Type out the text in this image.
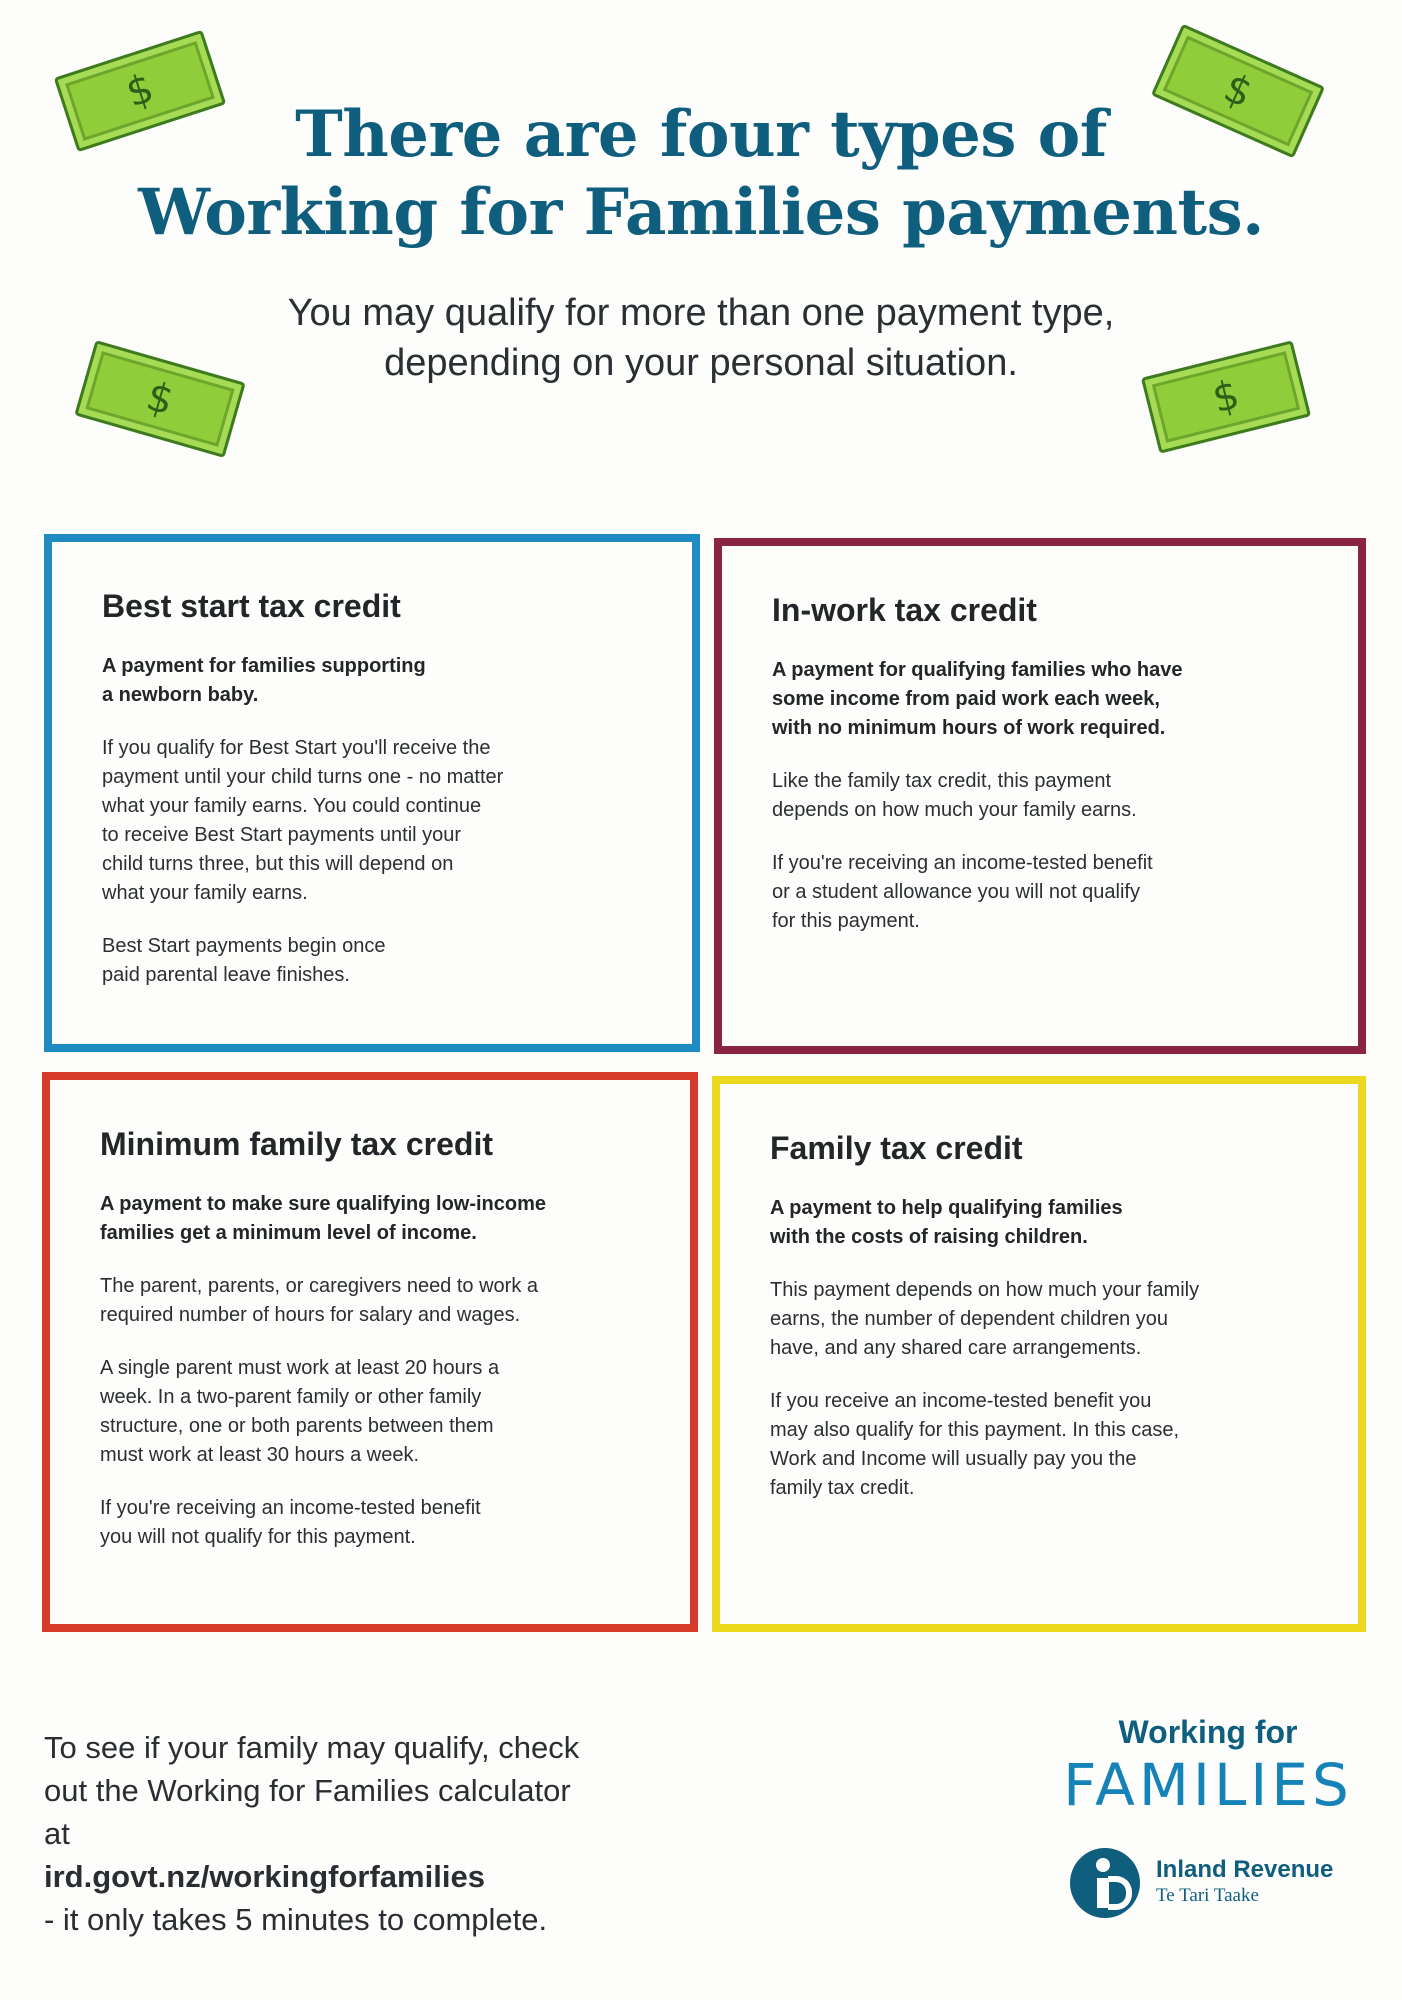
$	$
$	$
There are four types of
Working for Families payments.
You may qualify for more than one payment type,
depending on your personal situation.
Best start tax credit

A payment for families supporting
a newborn baby.

If you qualify for Best Start you'll receive the
payment until your child turns one - no matter
what your family earns. You could continue
to receive Best Start payments until your
child turns three, but this will depend on
what your family earns.

Best Start payments begin once
paid parental leave finishes.

In-work tax credit

A payment for qualifying families who have
some income from paid work each week,
with no minimum hours of work required.

Like the family tax credit, this payment
depends on how much your family earns.

If you're receiving an income-tested benefit
or a student allowance you will not qualify
for this payment.

Minimum family tax credit

A payment to make sure qualifying low-income
families get a minimum level of income.

The parent, parents, or caregivers need to work a
required number of hours for salary and wages.

A single parent must work at least 20 hours a
week. In a two-parent family or other family
structure, one or both parents between them
must work at least 30 hours a week.

If you're receiving an income-tested benefit
you will not qualify for this payment.

Family tax credit

A payment to help qualifying families
with the costs of raising children.

This payment depends on how much your family
earns, the number of dependent children you
have, and any shared care arrangements.

If you receive an income-tested benefit you
may also qualify for this payment. In this case,
Work and Income will usually pay you the
family tax credit.

To see if your family may qualify, check
out the Working for Families calculator
at
ird.govt.nz/workingforfamilies
- it only takes 5 minutes to complete.

Working for
FAMILIES
Inland Revenue
Te Tari Taake
